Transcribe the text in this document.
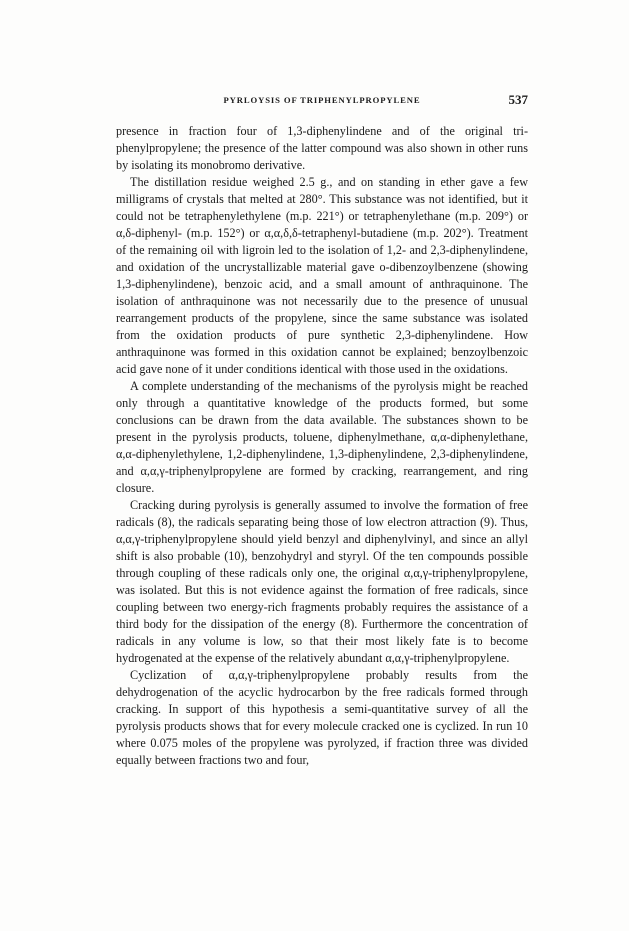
PYRLOYSIS OF TRIPHENYLPROPYLENE	537

presence in fraction four of 1,3-diphenylindene and of the original triphenylpropylene; the presence of the latter compound was also shown in other runs by isolating its monobromo derivative.

The distillation residue weighed 2.5 g., and on standing in ether gave a few milligrams of crystals that melted at 280°. This substance was not identified, but it could not be tetraphenylethylene (m.p. 221°) or tetraphenylethane (m.p. 209°) or α,δ-diphenyl- (m.p. 152°) or α,α,δ,δ-tetraphenyl-butadiene (m.p. 202°). Treatment of the remaining oil with ligroin led to the isolation of 1,2- and 2,3-diphenylindene, and oxidation of the uncrystallizable material gave o-dibenzoylbenzene (showing 1,3-diphenylindene), benzoic acid, and a small amount of anthraquinone. The isolation of anthraquinone was not necessarily due to the presence of unusual rearrangement products of the propylene, since the same substance was isolated from the oxidation products of pure synthetic 2,3-diphenylindene. How anthraquinone was formed in this oxidation cannot be explained; benzoylbenzoic acid gave none of it under conditions identical with those used in the oxidations.

A complete understanding of the mechanisms of the pyrolysis might be reached only through a quantitative knowledge of the products formed, but some conclusions can be drawn from the data available. The substances shown to be present in the pyrolysis products, toluene, diphenylmethane, α,α-diphenylethane, α,α-diphenylethylene, 1,2-diphenylindene, 1,3-diphenylindene, 2,3-diphenylindene, and α,α,γ-triphenylpropylene are formed by cracking, rearrangement, and ring closure.

Cracking during pyrolysis is generally assumed to involve the formation of free radicals (8), the radicals separating being those of low electron attraction (9). Thus, α,α,γ-triphenylpropylene should yield benzyl and diphenylvinyl, and since an allyl shift is also probable (10), benzohydryl and styryl. Of the ten compounds possible through coupling of these radicals only one, the original α,α,γ-triphenylpropylene, was isolated. But this is not evidence against the formation of free radicals, since coupling between two energy-rich fragments probably requires the assistance of a third body for the dissipation of the energy (8). Furthermore the concentration of radicals in any volume is low, so that their most likely fate is to become hydrogenated at the expense of the relatively abundant α,α,γ-triphenylpropylene.

Cyclization of α,α,γ-triphenylpropylene probably results from the dehydrogenation of the acyclic hydrocarbon by the free radicals formed through cracking. In support of this hypothesis a semi-quantitative survey of all the pyrolysis products shows that for every molecule cracked one is cyclized. In run 10 where 0.075 moles of the propylene was pyrolyzed, if fraction three was divided equally between fractions two and four,
